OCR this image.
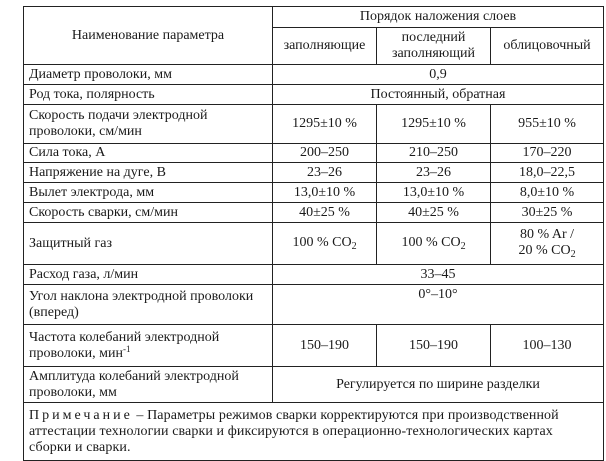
Наименование параметра	Порядок наложения слоев		
	заполняющие	последний заполняющий	облицовочный
Диаметр проволоки, мм	0,9		
Род тока, полярность	Постоянный, обратная		
Скорость подачи электродной проволоки, см/мин	1295±10 %	1295±10 %	955±10 %
Сила тока, А	200–250	210–250	170–220
Напряжение на дуге, В	23–26	23–26	18,0–22,5
Вылет электрода, мм	13,0±10 %	13,0±10 %	8,0±10 %
Скорость сварки, см/мин	40±25 %	40±25 %	30±25 %
Защитный газ	100 % $CO_2$	100 % $CO_2$	80 % Ar /
20 % $CO_2$

Расход газа, л/мин	33–45		
Угол наклона электродной проволоки (вперед)	0°–10°		
Частота колебаний электродной проволоки, мин$^{-1}$	150–190	150–190	100–130
Амплитуда колебаний электродной проволоки, мм	Регулируется по ширине разделки		
Примечание – Параметры режимов сварки корректируются при производственной аттестации технологии сварки и фиксируются в операционно-технологических картах сборки и сварки.			
